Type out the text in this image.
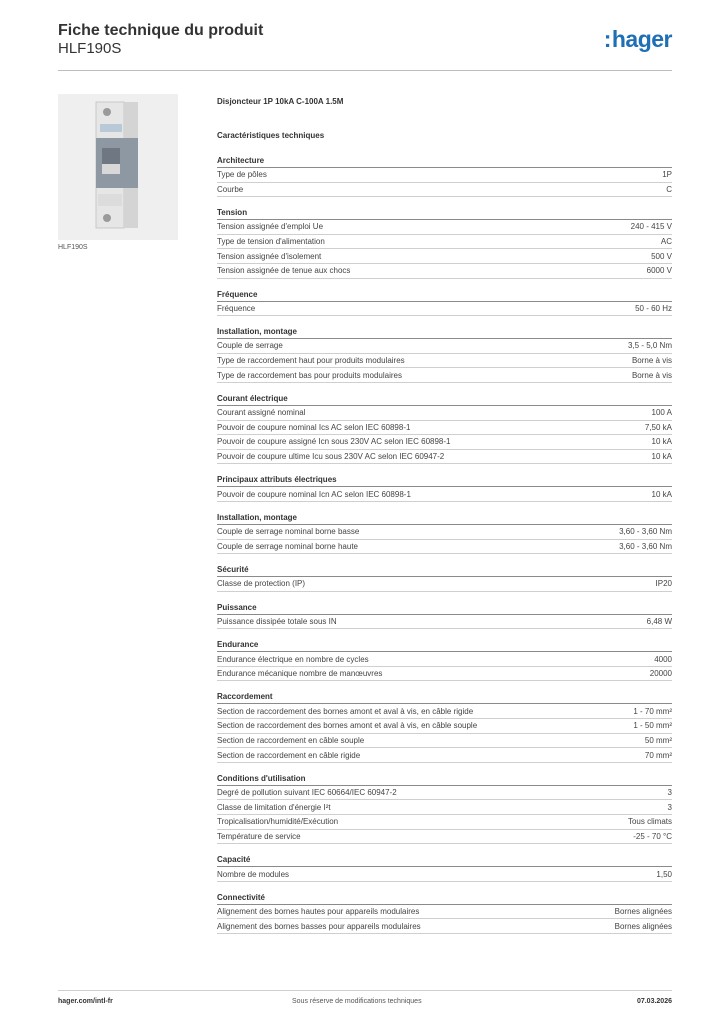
Fiche technique du produit
HLF190S	:hager
HLF190S
Disjoncteur 1P 10kA C-100A 1.5M
Caractéristiques techniques
Architecture
Type de pôles	1P
Courbe	C
Tension
Tension assignée d'emploi Ue	240 - 415 V
Type de tension d'alimentation	AC
Tension assignée d'isolement	500 V
Tension assignée de tenue aux chocs	6000 V
Fréquence
Fréquence	50 - 60 Hz
Installation, montage
Couple de serrage	3,5 - 5,0 Nm
Type de raccordement haut pour produits modulaires	Borne à vis
Type de raccordement bas pour produits modulaires	Borne à vis
Courant électrique
Courant assigné nominal	100 A
Pouvoir de coupure nominal Ics AC selon IEC 60898-1	7,50 kA
Pouvoir de coupure assigné Icn sous 230V AC selon IEC 60898-1	10 kA
Pouvoir de coupure ultime Icu sous 230V AC selon IEC 60947-2	10 kA
Principaux attributs électriques
Pouvoir de coupure nominal Icn AC selon IEC 60898-1	10 kA
Installation, montage
Couple de serrage nominal borne basse	3,60 - 3,60 Nm
Couple de serrage nominal borne haute	3,60 - 3,60 Nm
Sécurité
Classe de protection (IP)	IP20
Puissance
Puissance dissipée totale sous IN	6,48 W
Endurance
Endurance électrique en nombre de cycles	4000
Endurance mécanique nombre de manœuvres	20000
Raccordement
Section de raccordement des bornes amont et aval à vis, en câble rigide	1 - 70 mm²
Section de raccordement des bornes amont et aval à vis, en câble souple	1 - 50 mm²
Section de raccordement en câble souple	50 mm²
Section de raccordement en câble rigide	70 mm²
Conditions d'utilisation
Degré de pollution suivant IEC 60664/IEC 60947-2	3
Classe de limitation d'énergie I²t	3
Tropicalisation/humidité/Exécution	Tous climats
Température de service	-25 - 70 °C
Capacité
Nombre de modules	1,50
Connectivité
Alignement des bornes hautes pour appareils modulaires	Bornes alignées
Alignement des bornes basses pour appareils modulaires	Bornes alignées
hager.com/intl-fr	Sous réserve de modifications techniques	07.03.2026
